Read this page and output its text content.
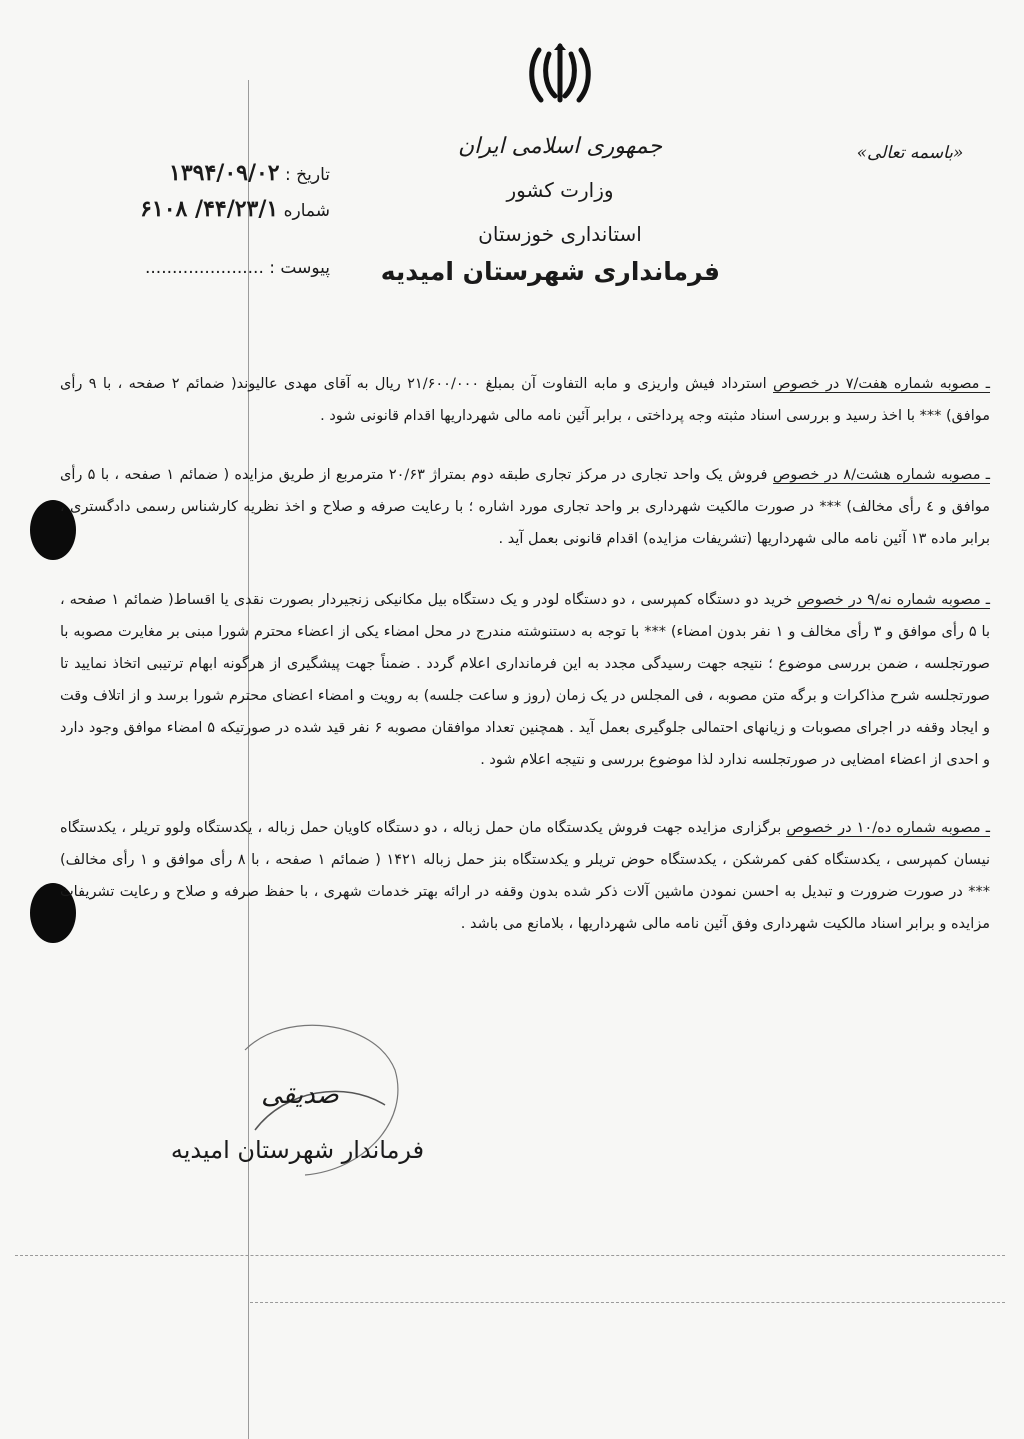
«باسمه تعالی»
جمهوری اسلامی ایران
وزارت کشور
استانداری خوزستان
فرمانداری شهرستان امیدیه
تاریخ : ۱۳۹۴/۰۹/۰۲
شماره ۴۴/۲۳/۱/ ۶۱۰۸
پیوست : ......................
ـ مصوبه شماره هفت/۷ در خصوص استرداد فیش واریزی و مابه التفاوت آن بمبلغ ۲۱/۶۰۰/۰۰۰ ریال به آقای مهدی عالیوند( ضمائم ۲ صفحه ، با ۹ رأی موافق) *** با اخذ رسید و بررسی اسناد مثبته وجه پرداختی ، برابر آئین نامه مالی شهرداریها اقدام قانونی شود .
ـ مصوبه شماره هشت/۸ در خصوص فروش یک واحد تجاری در مرکز تجاری طبقه دوم بمتراژ ۲۰/۶۳ مترمربع از طریق مزایده ( ضمائم ۱ صفحه ، با ۵ رأی موافق و ٤ رأی مخالف) *** در صورت مالکیت شهرداری بر واحد تجاری مورد اشاره ؛ با رعایت صرفه و صلاح و اخذ نظریه کارشناس رسمی دادگستری ، برابر ماده ۱۳ آئین نامه مالی شهرداریها (تشریفات مزایده) اقدام قانونی بعمل آید .
ـ مصوبه شماره نه/۹ در خصوص خرید دو دستگاه کمپرسی ، دو دستگاه لودر و یک دستگاه بیل مکانیکی زنجیردار بصورت نقدی یا اقساط( ضمائم ۱ صفحه ، با ۵ رأی موافق و ۳ رأی مخالف و ۱ نفر بدون امضاء) *** با توجه به دستنوشته مندرج در محل امضاء یکی از اعضاء محترم شورا مبنی بر مغایرت مصوبه با صورتجلسه ، ضمن بررسی موضوع ؛ نتیجه جهت رسیدگی مجدد به این فرمانداری اعلام گردد . ضمناً جهت پیشگیری از هرگونه ابهام ترتیبی اتخاذ نمایید تا صورتجلسه شرح مذاکرات و برگه متن مصوبه ، فی المجلس در یک زمان (روز و ساعت جلسه) به رویت و امضاء اعضای محترم شورا برسد و از اتلاف وقت و ایجاد وقفه در اجرای مصوبات و زیانهای احتمالی جلوگیری بعمل آید . همچنین تعداد موافقان مصوبه ۶ نفر قید شده در صورتیکه ۵ امضاء موافق وجود دارد و احدی از اعضاء امضایی در صورتجلسه ندارد لذا موضوع بررسی و نتیجه اعلام شود .
ـ مصوبه شماره ده/۱۰ در خصوص برگزاری مزایده جهت فروش یکدستگاه مان حمل زباله ، دو دستگاه کاویان حمل زباله ، یکدستگاه ولوو تریلر ، یکدستگاه نیسان کمپرسی ، یکدستگاه کفی کمرشکن ، یکدستگاه حوض تریلر و یکدستگاه بنز حمل زباله ۱۴۲۱ ( ضمائم ۱ صفحه ، با ۸ رأی موافق و ۱ رأی مخالف) *** در صورت ضرورت و تبدیل به احسن نمودن ماشین آلات ذکر شده بدون وقفه در ارائه بهتر خدمات شهری ، با حفظ صرفه و صلاح و رعایت تشریفات مزایده و برابر اسناد مالکیت شهرداری وفق آئین نامه مالی شهرداریها ، بلامانع می باشد .
صدیقی
فرماندار شهرستان امیدیه
